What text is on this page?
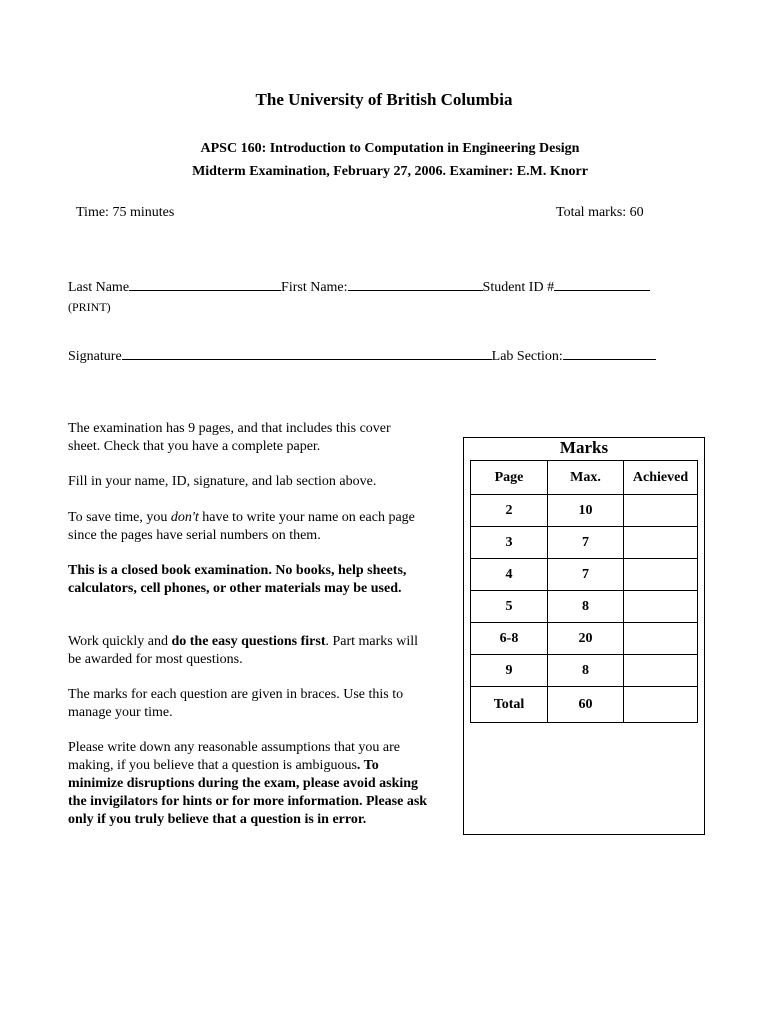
The University of British Columbia
APSC 160: Introduction to Computation in Engineering Design
Midterm Examination, February 27, 2006. Examiner: E.M. Knorr
Time: 75 minutes	Total marks: 60
Last Name	First Name:	Student ID #
(PRINT)
Signature	Lab Section:

The examination has 9 pages, and that includes this cover sheet. Check that you have a complete paper.

Fill in your name, ID, signature, and lab section above.

To save time, you don't have to write your name on each page since the pages have serial numbers on them.

This is a closed book examination. No books, help sheets, calculators, cell phones, or other materials may be used.

Work quickly and do the easy questions first. Part marks will be awarded for most questions.

The marks for each question are given in braces. Use this to manage your time.

Please write down any reasonable assumptions that you are making, if you believe that a question is ambiguous. To minimize disruptions during the exam, please avoid asking the invigilators for hints or for more information. Please ask only if you truly believe that a question is in error.

Marks
Page	Max.	Achieved
2	10	
3	7	
4	7	
5	8	
6-8	20	
9	8	
Total	60	
